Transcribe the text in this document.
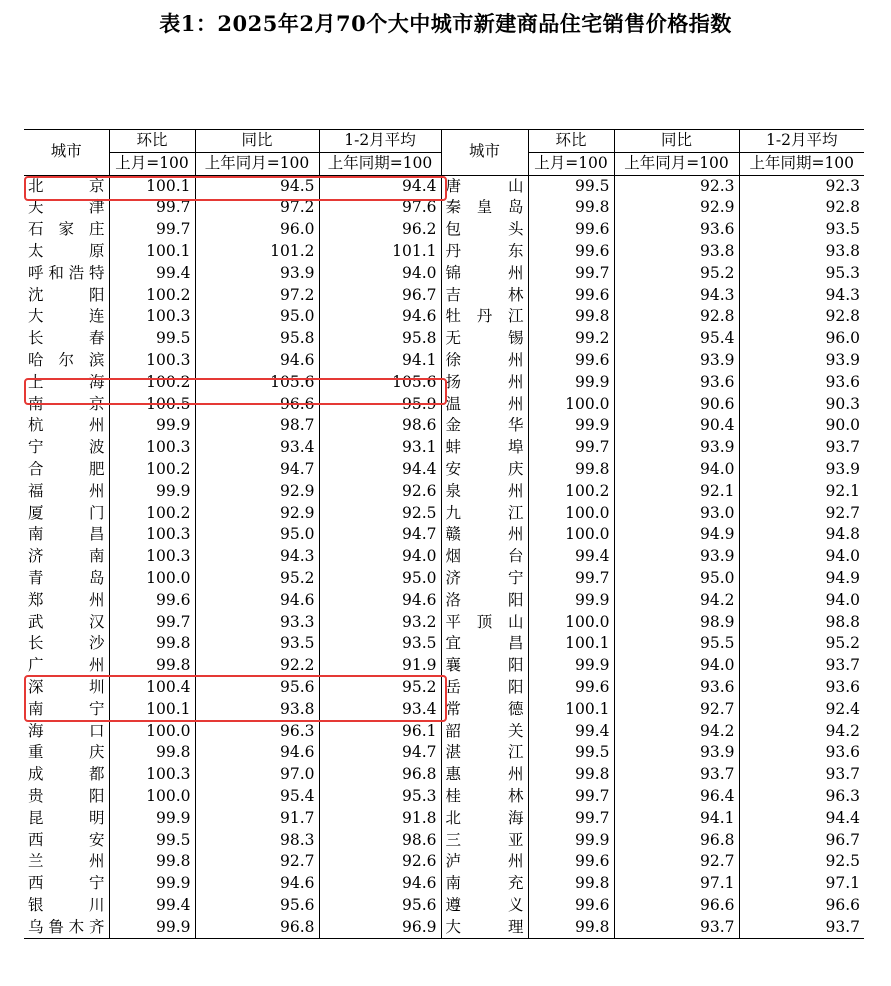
表1：2025年2月70个大中城市新建商品住宅销售价格指数
城市	环比	同比	1-2月平均	城市	环比	同比	1-2月平均
	上月=100	上年同月=100	上年同期=100		上月=100	上年同月=100	上年同期=100

北 京	100.1	94.5	94.4	唐 山	99.5	92.3	92.3

天 津	99.7	97.2	97.6	秦 皇 岛	99.8	92.9	92.8

石 家 庄	99.7	96.0	96.2	包 头	99.6	93.6	93.5

太 原	100.1	101.2	101.1	丹 东	99.6	93.8	93.8

呼 和 浩 特	99.4	93.9	94.0	锦 州	99.7	95.2	95.3

沈 阳	100.2	97.2	96.7	吉 林	99.6	94.3	94.3

大 连	100.3	95.0	94.6	牡 丹 江	99.8	92.8	92.8

长 春	99.5	95.8	95.8	无 锡	99.2	95.4	96.0

哈 尔 滨	100.3	94.6	94.1	徐 州	99.6	93.9	93.9

上 海	100.2	105.6	105.6	扬 州	99.9	93.6	93.6

南 京	100.5	96.6	95.9	温 州	100.0	90.6	90.3

杭 州	99.9	98.7	98.6	金 华	99.9	90.4	90.0

宁 波	100.3	93.4	93.1	蚌 埠	99.7	93.9	93.7

合 肥	100.2	94.7	94.4	安 庆	99.8	94.0	93.9

福 州	99.9	92.9	92.6	泉 州	100.2	92.1	92.1

厦 门	100.2	92.9	92.5	九 江	100.0	93.0	92.7

南 昌	100.3	95.0	94.7	赣 州	100.0	94.9	94.8

济 南	100.3	94.3	94.0	烟 台	99.4	93.9	94.0

青 岛	100.0	95.2	95.0	济 宁	99.7	95.0	94.9

郑 州	99.6	94.6	94.6	洛 阳	99.9	94.2	94.0

武 汉	99.7	93.3	93.2	平 顶 山	100.0	98.9	98.8

长 沙	99.8	93.5	93.5	宜 昌	100.1	95.5	95.2

广 州	99.8	92.2	91.9	襄 阳	99.9	94.0	93.7

深 圳	100.4	95.6	95.2	岳 阳	99.6	93.6	93.6

南 宁	100.1	93.8	93.4	常 德	100.1	92.7	92.4

海 口	100.0	96.3	96.1	韶 关	99.4	94.2	94.2

重 庆	99.8	94.6	94.7	湛 江	99.5	93.9	93.6

成 都	100.3	97.0	96.8	惠 州	99.8	93.7	93.7

贵 阳	100.0	95.4	95.3	桂 林	99.7	96.4	96.3

昆 明	99.9	91.7	91.8	北 海	99.7	94.1	94.4

西 安	99.5	98.3	98.6	三 亚	99.9	96.8	96.7

兰 州	99.8	92.7	92.6	泸 州	99.6	92.7	92.5

西 宁	99.9	94.6	94.6	南 充	99.8	97.1	97.1

银 川	99.4	95.6	95.6	遵 义	99.6	96.6	96.6

乌 鲁 木 齐	99.9	96.8	96.9	大 理	99.8	93.7	93.7
